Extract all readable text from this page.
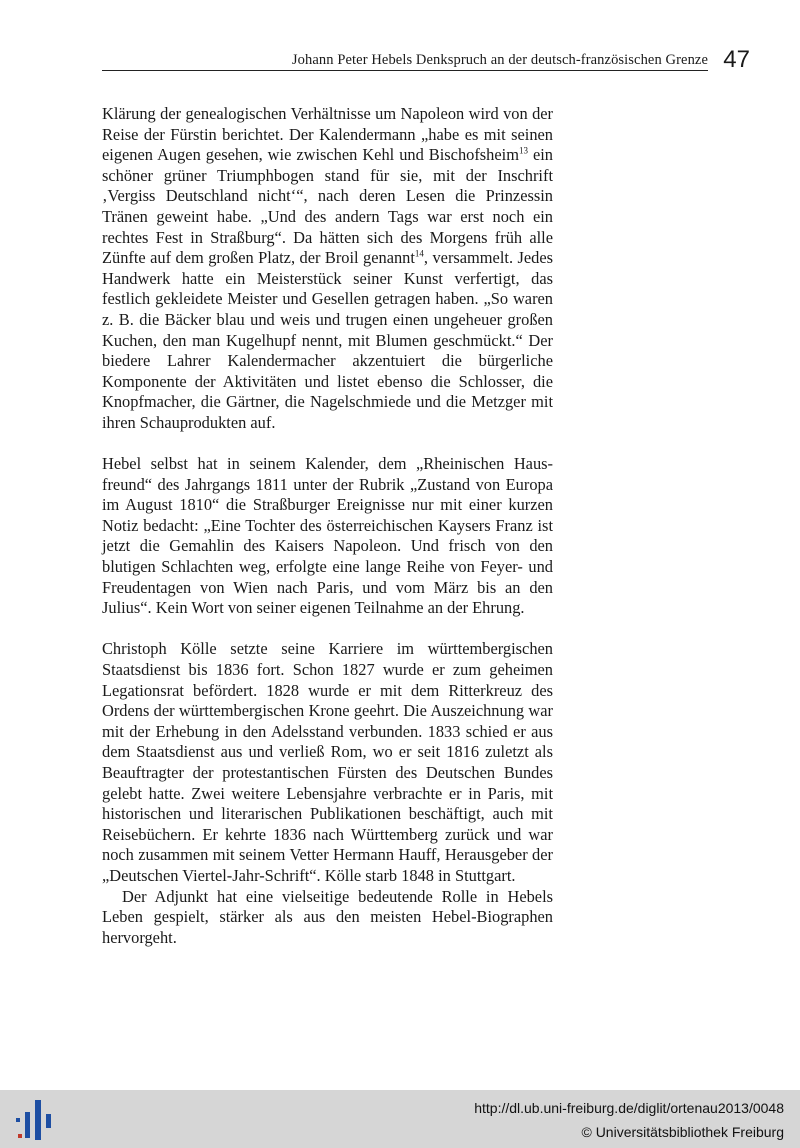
Johann Peter Hebels Denkspruch an der deutsch-französischen Grenze 47

Klärung der genealogischen Verhältnisse um Napoleon wird von der Reise der Fürstin berichtet. Der Kalendermann „habe es mit seinen eigenen Augen gesehen, wie zwischen Kehl und Bischofsheim$^{13}$ ein schöner grüner Triumphbogen stand für sie, mit der Inschrift ‚Vergiss Deutschland nicht‘“, nach deren Lesen die Prinzessin Tränen geweint habe. „Und des andern Tags war erst noch ein rechtes Fest in Straßburg“. Da hätten sich des Morgens früh alle Zünfte auf dem großen Platz, der Broil genannt$^{14}$, versammelt. Jedes Handwerk hatte ein Meisterstück seiner Kunst verfertigt, das festlich gekleidete Meister und Gesellen getragen haben. „So waren z. B. die Bäcker blau und weis und trugen einen ungeheuer großen Kuchen, den man Kugelhupf nennt, mit Blumen geschmückt.“ Der biedere Lahrer Kalendermacher akzentuiert die bürgerliche Komponente der Aktivitäten und listet ebenso die Schlosser, die Knopfmacher, die Gärtner, die Nagelschmiede und die Metzger mit ihren Schauprodukten auf.

Hebel selbst hat in seinem Kalender, dem „Rheinischen Hausfreund“ des Jahrgangs 1811 unter der Rubrik „Zustand von Europa im August 1810“ die Straßburger Ereignisse nur mit einer kurzen Notiz bedacht: „Eine Tochter des österreichischen Kaysers Franz ist jetzt die Gemahlin des Kaisers Napoleon. Und frisch von den blutigen Schlachten weg, erfolgte eine lange Reihe von Feyer- und Freudentagen von Wien nach Paris, und vom März bis an den Julius“. Kein Wort von seiner eigenen Teilnahme an der Ehrung.

Christoph Kölle setzte seine Karriere im württembergischen Staatsdienst bis 1836 fort. Schon 1827 wurde er zum geheimen Legationsrat befördert. 1828 wurde er mit dem Ritterkreuz des Ordens der württembergischen Krone geehrt. Die Auszeichnung war mit der Erhebung in den Adelsstand verbunden. 1833 schied er aus dem Staatsdienst aus und verließ Rom, wo er seit 1816 zuletzt als Beauftragter der protestantischen Fürsten des Deutschen Bundes gelebt hatte. Zwei weitere Lebensjahre verbrachte er in Paris, mit historischen und literarischen Publikationen beschäftigt, auch mit Reisebüchern. Er kehrte 1836 nach Württemberg zurück und war noch zusammen mit seinem Vetter Hermann Hauff, Herausgeber der „Deutschen Viertel-Jahr-Schrift“. Kölle starb 1848 in Stuttgart.

Der Adjunkt hat eine vielseitige bedeutende Rolle in Hebels Leben gespielt, stärker als aus den meisten Hebel-Biographen hervorgeht.

http://dl.ub.uni-freiburg.de/diglit/ortenau2013/0048
© Universitätsbibliothek Freiburg
